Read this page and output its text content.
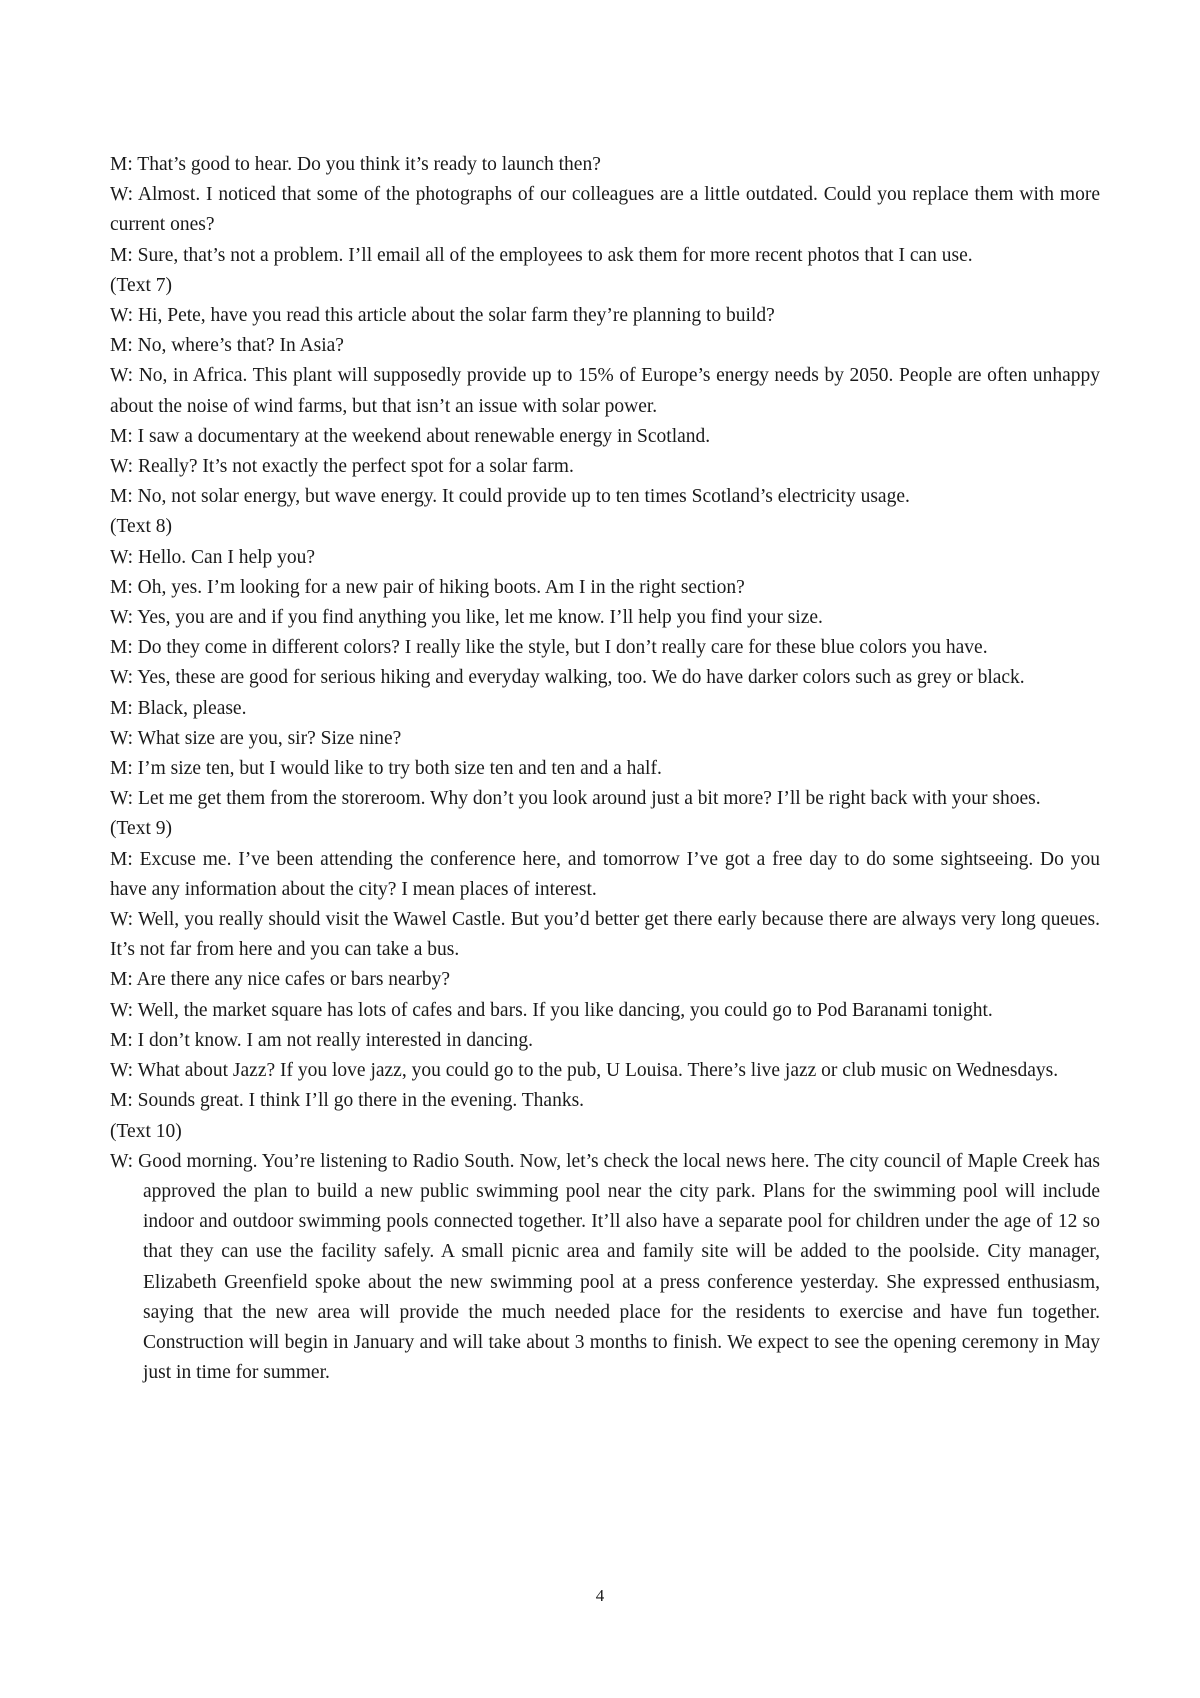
M: That’s good to hear. Do you think it’s ready to launch then?

W: Almost. I noticed that some of the photographs of our colleagues are a little outdated. Could you replace them with more current ones?

M: Sure, that’s not a problem. I’ll email all of the employees to ask them for more recent photos that I can use.

(Text 7)

W: Hi, Pete, have you read this article about the solar farm they’re planning to build?

M: No, where’s that? In Asia?

W: No, in Africa. This plant will supposedly provide up to 15% of Europe’s energy needs by 2050. People are often unhappy about the noise of wind farms, but that isn’t an issue with solar power.

M: I saw a documentary at the weekend about renewable energy in Scotland.

W: Really? It’s not exactly the perfect spot for a solar farm.

M: No, not solar energy, but wave energy. It could provide up to ten times Scotland’s electricity usage.

(Text 8)

W: Hello. Can I help you?

M: Oh, yes. I’m looking for a new pair of hiking boots. Am I in the right section?

W: Yes, you are and if you find anything you like, let me know. I’ll help you find your size.

M: Do they come in different colors? I really like the style, but I don’t really care for these blue colors you have.

W: Yes, these are good for serious hiking and everyday walking, too. We do have darker colors such as grey or black.

M: Black, please.

W: What size are you, sir? Size nine?

M: I’m size ten, but I would like to try both size ten and ten and a half.

W: Let me get them from the storeroom. Why don’t you look around just a bit more? I’ll be right back with your shoes.

(Text 9)

M: Excuse me. I’ve been attending the conference here, and tomorrow I’ve got a free day to do some sightseeing. Do you have any information about the city? I mean places of interest.

W: Well, you really should visit the Wawel Castle. But you’d better get there early because there are always very long queues. It’s not far from here and you can take a bus.

M: Are there any nice cafes or bars nearby?

W: Well, the market square has lots of cafes and bars. If you like dancing, you could go to Pod Baranami tonight.

M: I don’t know. I am not really interested in dancing.

W: What about Jazz? If you love jazz, you could go to the pub, U Louisa. There’s live jazz or club music on Wednesdays.

M: Sounds great. I think I’ll go there in the evening. Thanks.

(Text 10)

W: Good morning. You’re listening to Radio South. Now, let’s check the local news here. The city council of Maple Creek has approved the plan to build a new public swimming pool near the city park. Plans for the swimming pool will include indoor and outdoor swimming pools connected together. It’ll also have a separate pool for children under the age of 12 so that they can use the facility safely. A small picnic area and family site will be added to the poolside. City manager, Elizabeth Greenfield spoke about the new swimming pool at a press conference yesterday. She expressed enthusiasm, saying that the new area will provide the much needed place for the residents to exercise and have fun together. Construction will begin in January and will take about 3 months to finish. We expect to see the opening ceremony in May just in time for summer.

4
